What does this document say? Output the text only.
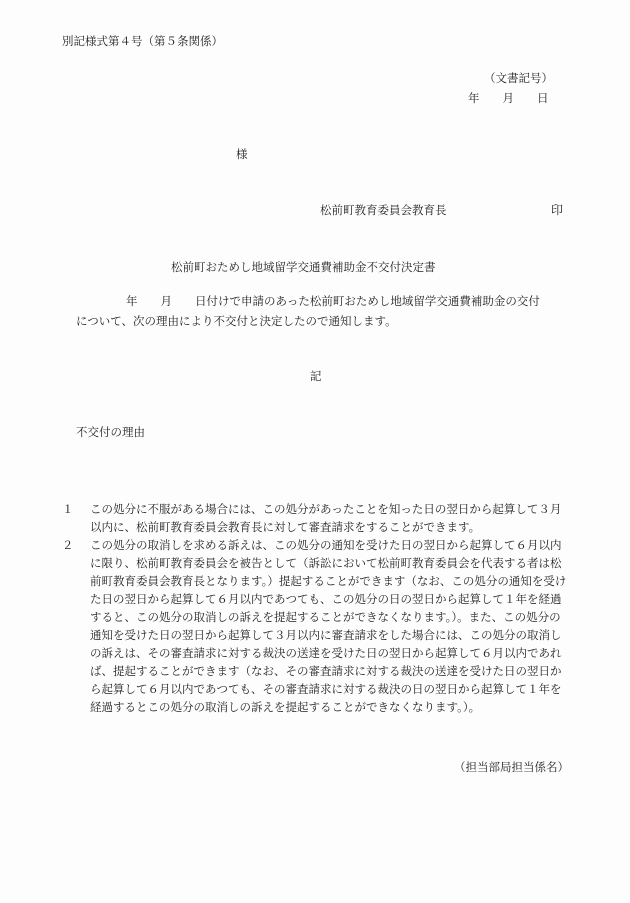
別記様式第４号（第５条関係）
（文書記号）
年　　月　　日
様
松前町教育委員会教育長	印
松前町おためし地域留学交通費補助金不交付決定書
年　　月　　日付けで申請のあった松前町おためし地域留学交通費補助金の交付
について、次の理由により不交付と決定したので通知します。
記
不交付の理由
１	この処分に不服がある場合には、この処分があったことを知った日の翌日から起算して３月以内に、松前町教育委員会教育長に対して審査請求をすることができます。
２	この処分の取消しを求める訴えは、この処分の通知を受けた日の翌日から起算して６月以内に限り、松前町教育委員会を被告として（訴訟において松前町教育委員会を代表する者は松前町教育委員会教育長となります。）提起することができます（なお、この処分の通知を受けた日の翌日から起算して６月以内であつても、この処分の日の翌日から起算して１年を経過すると、この処分の取消しの訴えを提起することができなくなります。）。また、この処分の通知を受けた日の翌日から起算して３月以内に審査請求をした場合には、この処分の取消しの訴えは、その審査請求に対する裁決の送達を受けた日の翌日から起算して６月以内であれば、提起することができます（なお、その審査請求に対する裁決の送達を受けた日の翌日から起算して６月以内であつても、その審査請求に対する裁決の日の翌日から起算して１年を経過するとこの処分の取消しの訴えを提起することができなくなります。）。
（担当部局担当係名）
